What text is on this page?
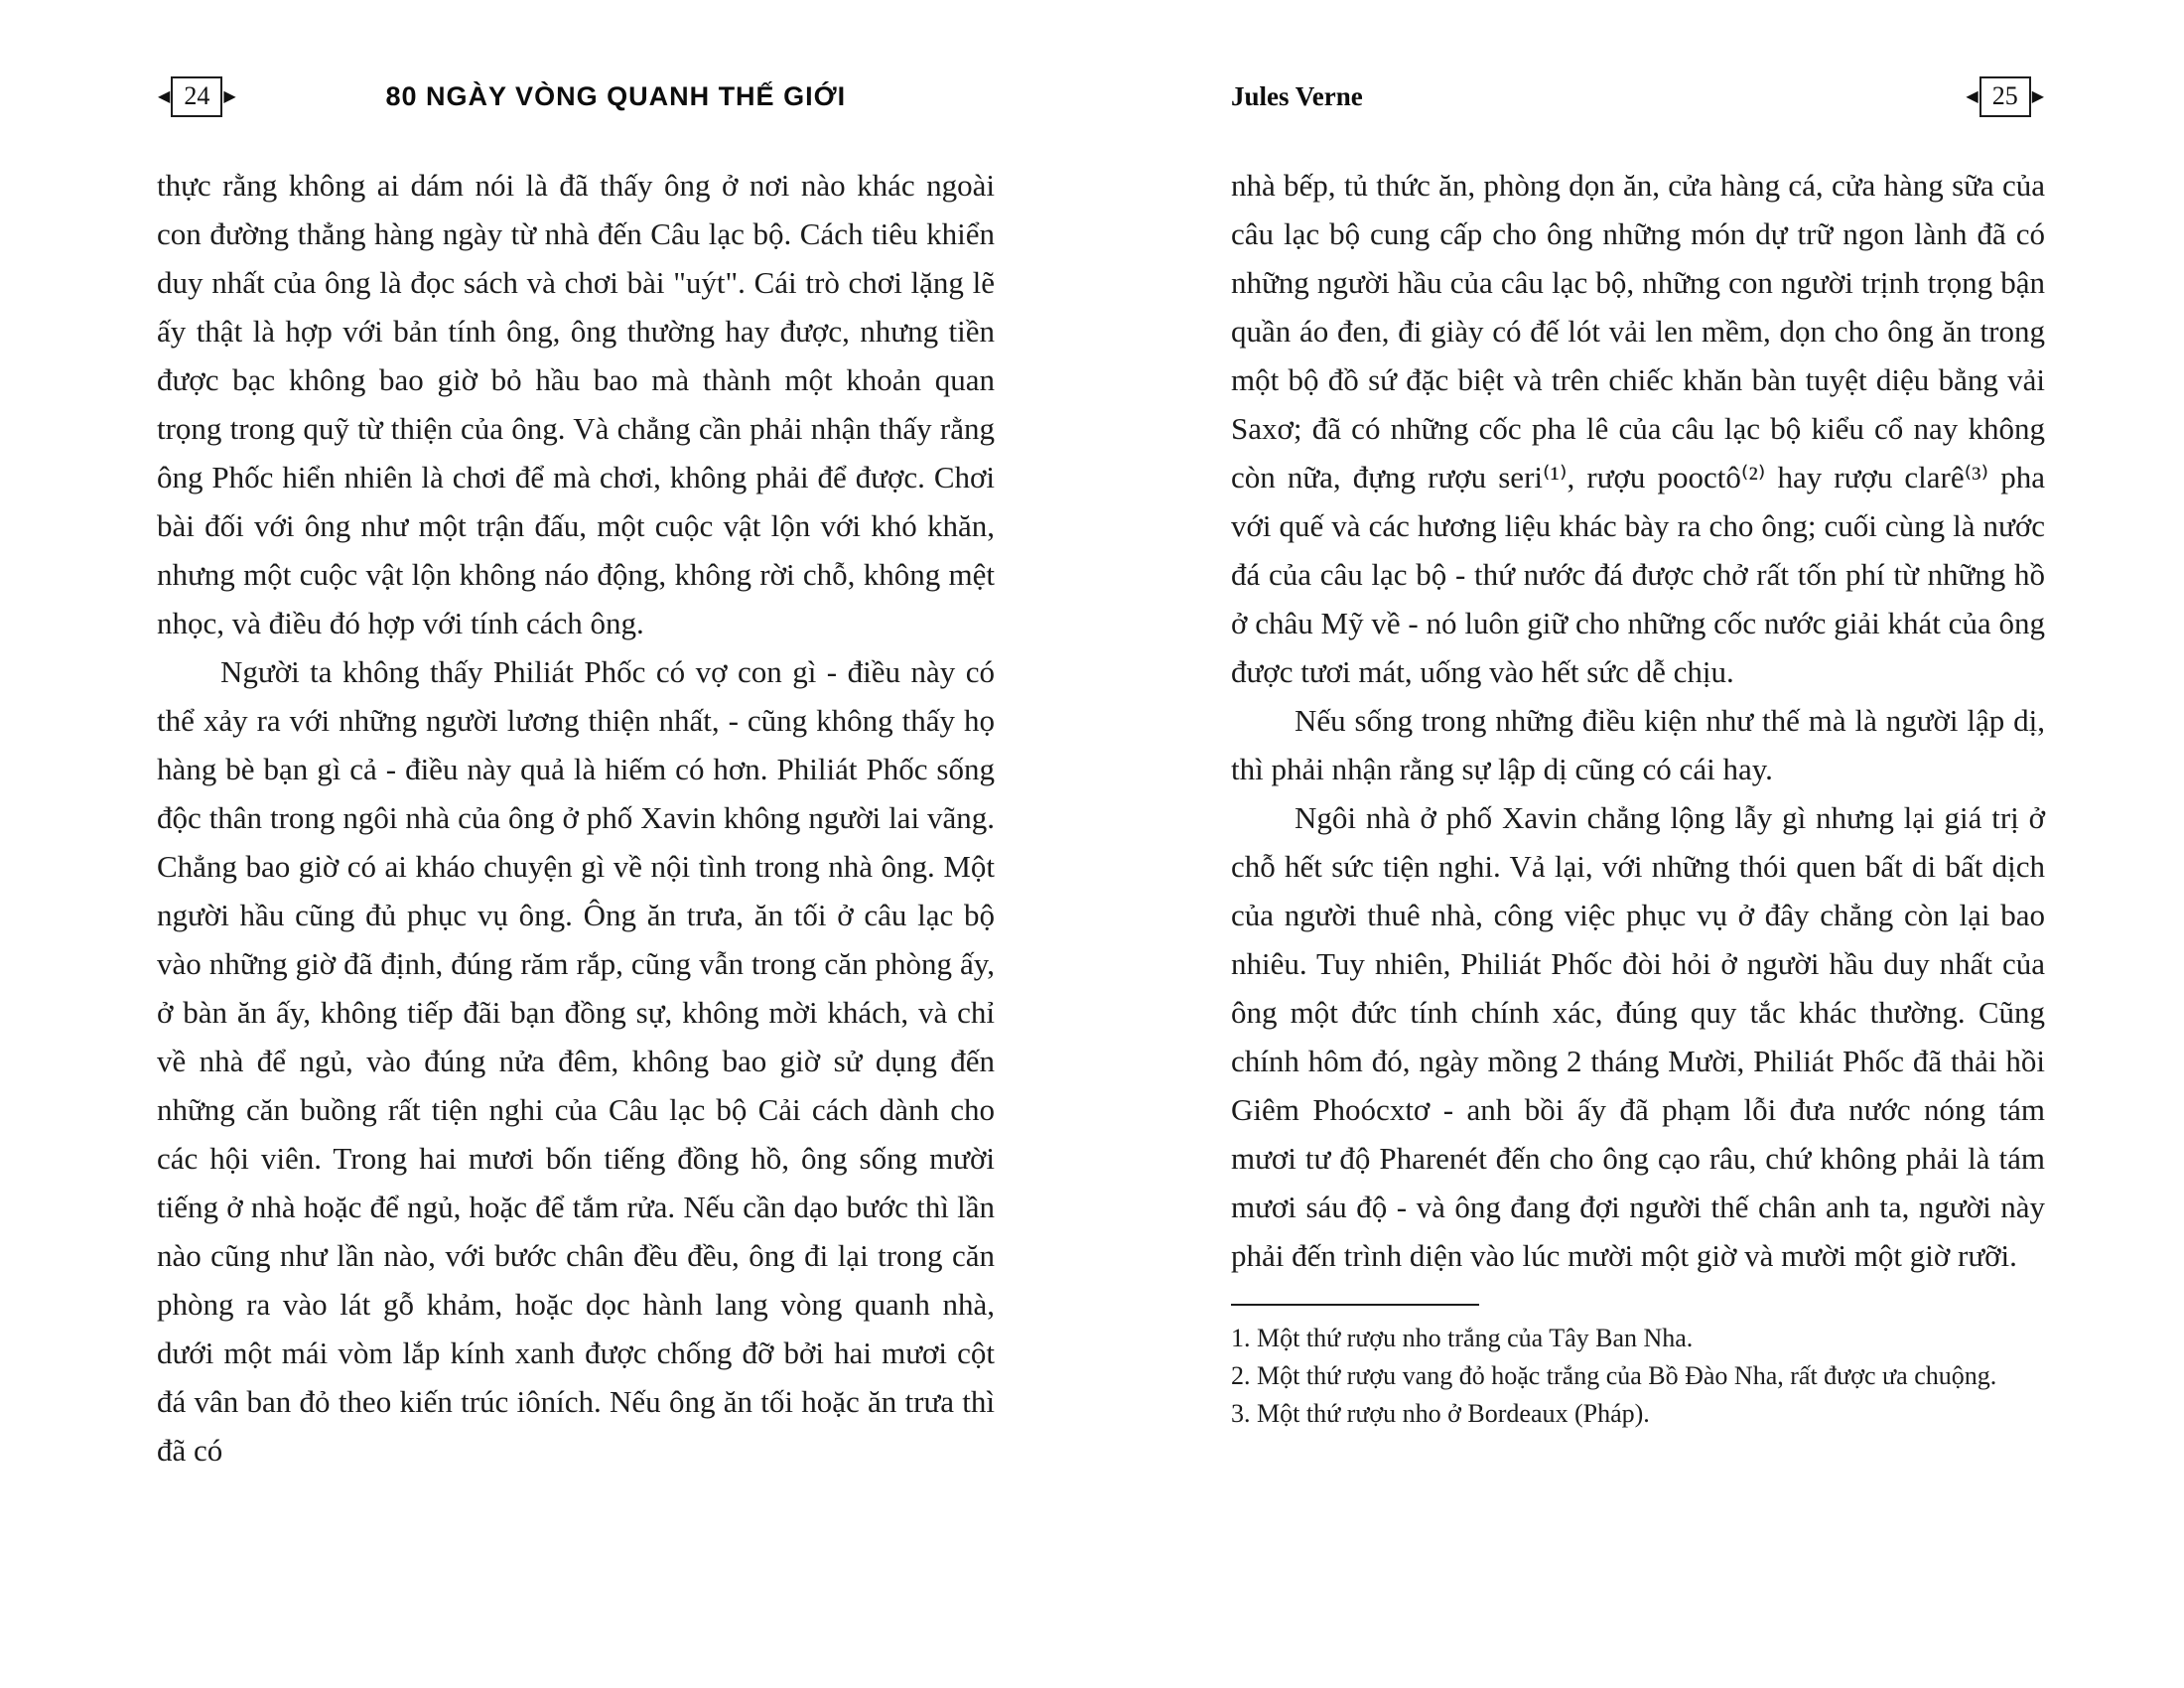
◀ 24 ▶	80 NGÀY VÒNG QUANH THẾ GIỚI

thực rằng không ai dám nói là đã thấy ông ở nơi nào khác ngoài con đường thẳng hàng ngày từ nhà đến Câu lạc bộ. Cách tiêu khiển duy nhất của ông là đọc sách và chơi bài "uýt". Cái trò chơi lặng lẽ ấy thật là hợp với bản tính ông, ông thường hay được, nhưng tiền được bạc không bao giờ bỏ hầu bao mà thành một khoản quan trọng trong quỹ từ thiện của ông. Và chẳng cần phải nhận thấy rằng ông Phốc hiển nhiên là chơi để mà chơi, không phải để được. Chơi bài đối với ông như một trận đấu, một cuộc vật lộn với khó khăn, nhưng một cuộc vật lộn không náo động, không rời chỗ, không mệt nhọc, và điều đó hợp với tính cách ông.

Người ta không thấy Philiát Phốc có vợ con gì - điều này có thể xảy ra với những người lương thiện nhất, - cũng không thấy họ hàng bè bạn gì cả - điều này quả là hiếm có hơn. Philiát Phốc sống độc thân trong ngôi nhà của ông ở phố Xavin không người lai vãng. Chẳng bao giờ có ai kháo chuyện gì về nội tình trong nhà ông. Một người hầu cũng đủ phục vụ ông. Ông ăn trưa, ăn tối ở câu lạc bộ vào những giờ đã định, đúng răm rắp, cũng vẫn trong căn phòng ấy, ở bàn ăn ấy, không tiếp đãi bạn đồng sự, không mời khách, và chỉ về nhà để ngủ, vào đúng nửa đêm, không bao giờ sử dụng đến những căn buồng rất tiện nghi của Câu lạc bộ Cải cách dành cho các hội viên. Trong hai mươi bốn tiếng đồng hồ, ông sống mười tiếng ở nhà hoặc để ngủ, hoặc để tắm rửa. Nếu cần dạo bước thì lần nào cũng như lần nào, với bước chân đều đều, ông đi lại trong căn phòng ra vào lát gỗ khảm, hoặc dọc hành lang vòng quanh nhà, dưới một mái vòm lắp kính xanh được chống đỡ bởi hai mươi cột đá vân ban đỏ theo kiến trúc iôních. Nếu ông ăn tối hoặc ăn trưa thì đã có

Jules Verne	◀ 25 ▶

nhà bếp, tủ thức ăn, phòng dọn ăn, cửa hàng cá, cửa hàng sữa của câu lạc bộ cung cấp cho ông những món dự trữ ngon lành đã có những người hầu của câu lạc bộ, những con người trịnh trọng bận quần áo đen, đi giày có đế lót vải len mềm, dọn cho ông ăn trong một bộ đồ sứ đặc biệt và trên chiếc khăn bàn tuyệt diệu bằng vải Saxơ; đã có những cốc pha lê của câu lạc bộ kiểu cổ nay không còn nữa, đựng rượu seri⁽¹⁾, rượu pooctô⁽²⁾ hay rượu clarê⁽³⁾ pha với quế và các hương liệu khác bày ra cho ông; cuối cùng là nước đá của câu lạc bộ - thứ nước đá được chở rất tốn phí từ những hồ ở châu Mỹ về - nó luôn giữ cho những cốc nước giải khát của ông được tươi mát, uống vào hết sức dễ chịu.

Nếu sống trong những điều kiện như thế mà là người lập dị, thì phải nhận rằng sự lập dị cũng có cái hay.

Ngôi nhà ở phố Xavin chẳng lộng lẫy gì nhưng lại giá trị ở chỗ hết sức tiện nghi. Vả lại, với những thói quen bất di bất dịch của người thuê nhà, công việc phục vụ ở đây chẳng còn lại bao nhiêu. Tuy nhiên, Philiát Phốc đòi hỏi ở người hầu duy nhất của ông một đức tính chính xác, đúng quy tắc khác thường. Cũng chính hôm đó, ngày mồng 2 tháng Mười, Philiát Phốc đã thải hồi Giêm Phoócxtơ - anh bồi ấy đã phạm lỗi đưa nước nóng tám mươi tư độ Pharenét đến cho ông cạo râu, chứ không phải là tám mươi sáu độ - và ông đang đợi người thế chân anh ta, người này phải đến trình diện vào lúc mười một giờ và mười một giờ rưỡi.

1. Một thứ rượu nho trắng của Tây Ban Nha.

2. Một thứ rượu vang đỏ hoặc trắng của Bồ Đào Nha, rất được ưa chuộng.

3. Một thứ rượu nho ở Bordeaux (Pháp).
